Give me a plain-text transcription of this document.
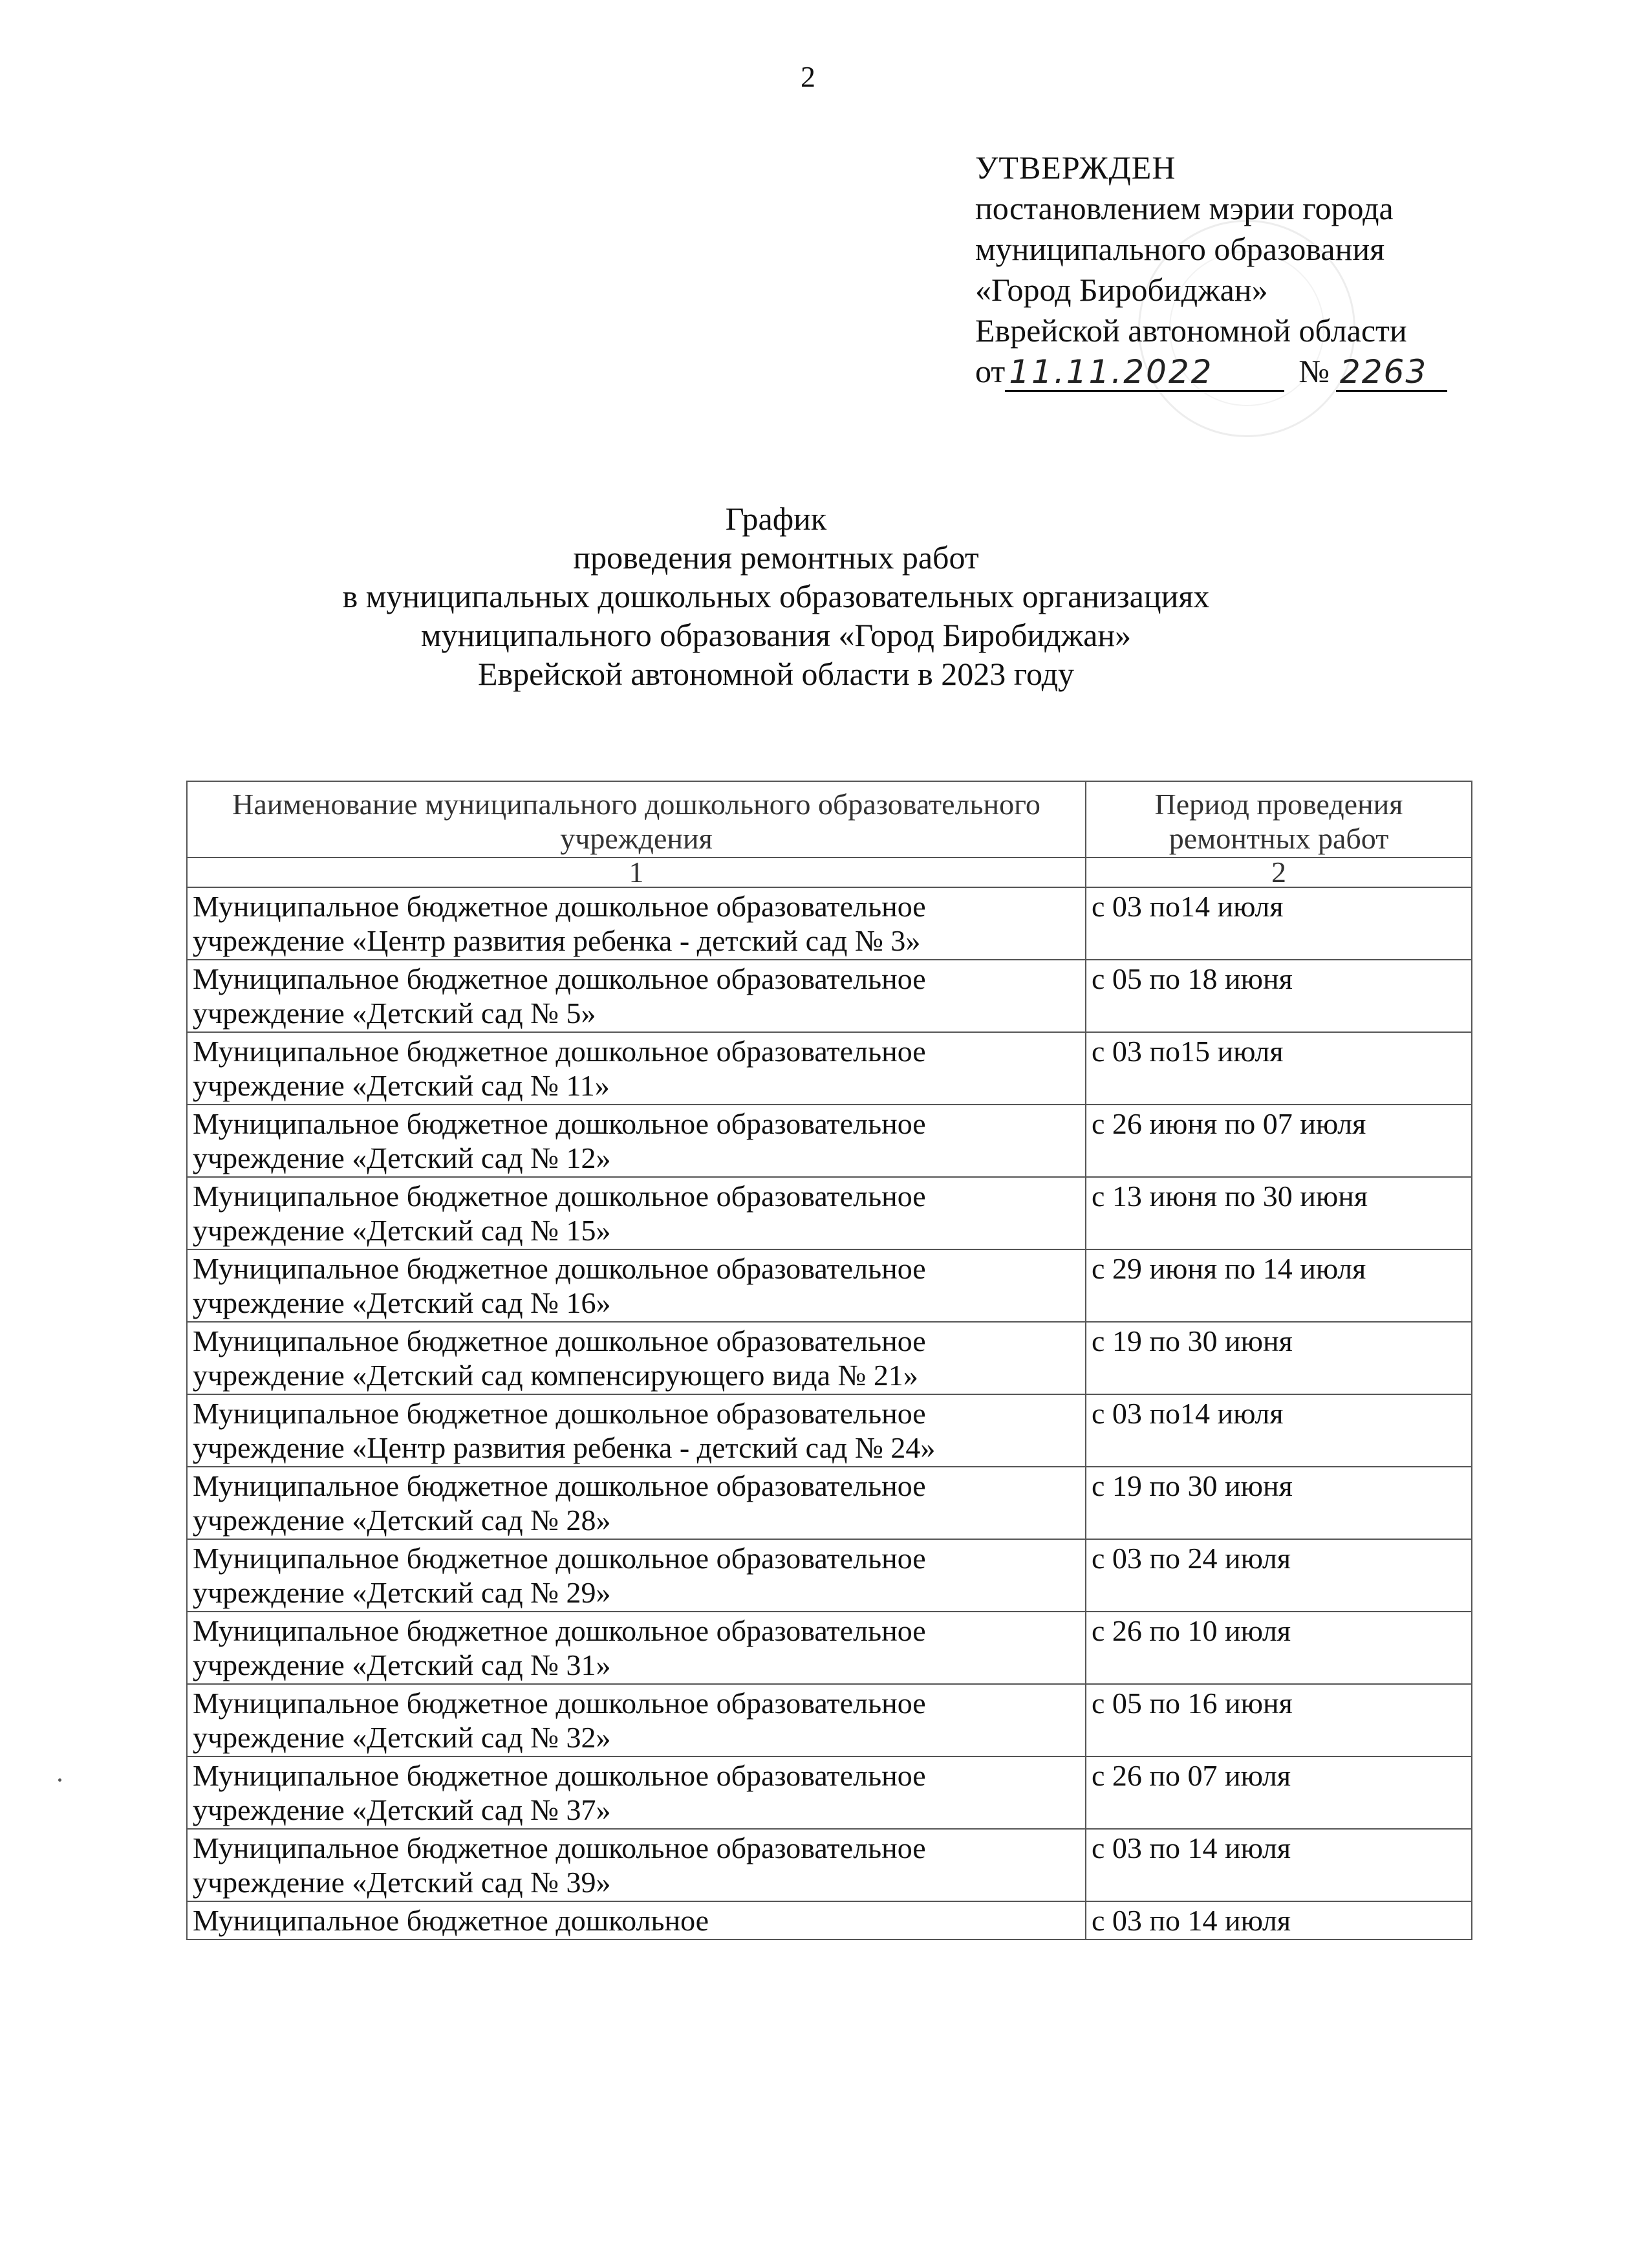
2
УТВЕРЖДЕН
постановлением мэрии города
муниципального образования
«Город Биробиджан»
Еврейской автономной области
от 11.11.2022	№ 2263
График
проведения ремонтных работ
в муниципальных дошкольных образовательных организациях
муниципального образования «Город Биробиджан»
Еврейской автономной области в 2023 году
Наименование муниципального дошкольного образовательного учреждения	Период проведения ремонтных работ
1	2
Муниципальное бюджетное дошкольное образовательное учреждение «Центр развития ребенка - детский сад № 3»	с 03 по14 июля
Муниципальное бюджетное дошкольное образовательное учреждение «Детский сад № 5»	с 05 по 18 июня
Муниципальное бюджетное дошкольное образовательное учреждение «Детский сад № 11»	с 03 по15 июля
Муниципальное бюджетное дошкольное образовательное учреждение «Детский сад № 12»	с 26 июня по 07 июля
Муниципальное бюджетное дошкольное образовательное учреждение «Детский сад № 15»	с 13 июня по 30 июня
Муниципальное бюджетное дошкольное образовательное учреждение «Детский сад № 16»	с 29 июня по 14 июля
Муниципальное бюджетное дошкольное образовательное учреждение «Детский сад компенсирующего вида № 21»	с 19 по 30 июня
Муниципальное бюджетное дошкольное образовательное учреждение «Центр развития ребенка - детский сад № 24»	с 03 по14 июля
Муниципальное бюджетное дошкольное образовательное учреждение «Детский сад № 28»	с 19 по 30 июня
Муниципальное бюджетное дошкольное образовательное учреждение «Детский сад № 29»	с 03 по 24 июля
Муниципальное бюджетное дошкольное образовательное учреждение «Детский сад № 31»	с 26 по 10 июля
Муниципальное бюджетное дошкольное образовательное учреждение «Детский сад № 32»	с 05 по 16 июня
Муниципальное бюджетное дошкольное образовательное учреждение «Детский сад № 37»	с 26 по 07 июля
Муниципальное бюджетное дошкольное образовательное учреждение «Детский сад № 39»	с 03 по 14 июля
Муниципальное бюджетное дошкольное	с 03 по 14 июля
